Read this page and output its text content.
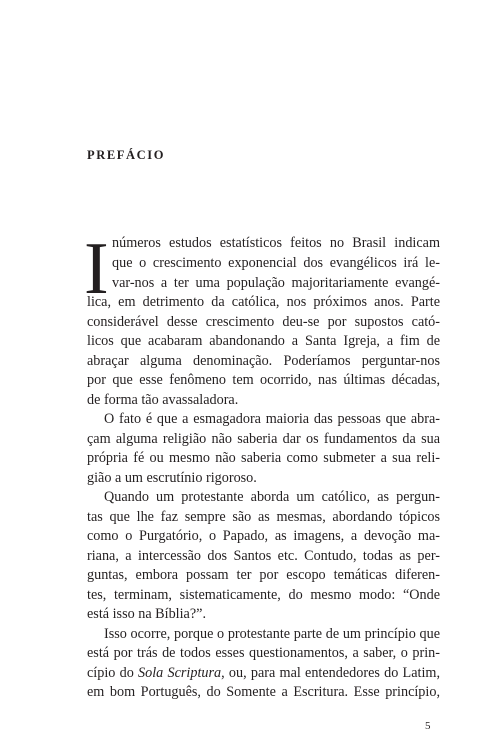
PREFÁCIO
I números estudos estatísticos feitos no Brasil indicam
que o crescimento exponencial dos evangélicos irá le-
var-nos a ter uma população majoritariamente evangé-
lica, em detrimento da católica, nos próximos anos. Parte
considerável desse crescimento deu-se por supostos cató-
licos que acabaram abandonando a Santa Igreja, a fim de
abraçar alguma denominação. Poderíamos perguntar-nos
por que esse fenômeno tem ocorrido, nas últimas décadas,
de forma tão avassaladora.
O fato é que a esmagadora maioria das pessoas que abra-
çam alguma religião não saberia dar os fundamentos da sua
própria fé ou mesmo não saberia como submeter a sua reli-
gião a um escrutínio rigoroso.
Quando um protestante aborda um católico, as pergun-
tas que lhe faz sempre são as mesmas, abordando tópicos
como o Purgatório, o Papado, as imagens, a devoção ma-
riana, a intercessão dos Santos etc. Contudo, todas as per-
guntas, embora possam ter por escopo temáticas diferen-
tes, terminam, sistematicamente, do mesmo modo: “Onde
está isso na Bíblia?”.
Isso ocorre, porque o protestante parte de um princípio que
está por trás de todos esses questionamentos, a saber, o prin-
cípio do Sola Scriptura, ou, para mal entendedores do Latim,
em bom Português, do Somente a Escritura. Esse princípio,
5
